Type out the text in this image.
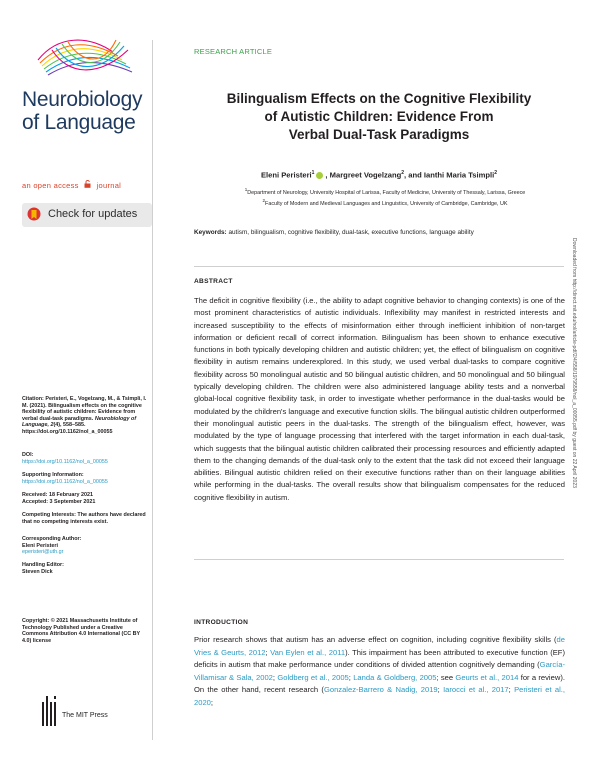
Neurobiology
of Language
an open access journal
Check for updates
Citation: Peristeri, E., Vogelzang, M., & Tsimpli, I. M. (2021). Bilingualism effects on the cognitive flexibility of autistic children: Evidence from verbal dual-task paradigms. Neurobiology of Language, 2(4), 558–585. https://doi.org/10.1162/nol_a_00055
DOI:
https://doi.org/10.1162/nol_a_00055
Supporting Information:
https://doi.org/10.1162/nol_a_00055
Received: 18 February 2021
Accepted: 3 September 2021
Competing Interests: The authors have declared that no competing interests exist.
Corresponding Author:
Eleni Peristeri
eperisteri@uth.gr
Handling Editor:
Steven Dick
Copyright: © 2021 Massachusetts Institute of Technology Published under a Creative Commons Attribution 4.0 International (CC BY 4.0) license
The MIT Press
RESEARCH ARTICLE
Bilingualism Effects on the Cognitive Flexibility
of Autistic Children: Evidence From
Verbal Dual-Task Paradigms
Eleni Peristeri$^1$ , Margreet Vogelzang$^2$, and Ianthi Maria Tsimpli$^2$
$^1$Department of Neurology, University Hospital of Larissa, Faculty of Medicine, University of Thessaly, Larissa, Greece
$^2$Faculty of Modern and Medieval Languages and Linguistics, University of Cambridge, Cambridge, UK
Keywords: autism, bilingualism, cognitive flexibility, dual-task, executive functions, language ability
ABSTRACT
The deficit in cognitive flexibility (i.e., the ability to adapt cognitive behavior to changing contexts) is one of the most prominent characteristics of autistic individuals. Inflexibility may manifest in restricted interests and increased susceptibility to the effects of misinformation either through inefficient inhibition of non-target information or deficient recall of correct information. Bilingualism has been shown to enhance executive functions in both typically developing children and autistic children; yet, the effect of bilingualism on cognitive flexibility in autism remains underexplored. In this study, we used verbal dual-tasks to compare cognitive flexibility across 50 monolingual autistic and 50 bilingual autistic children, and 50 monolingual and 50 bilingual typically developing children. The children were also administered language ability tests and a nonverbal global-local cognitive flexibility task, in order to investigate whether performance in the dual-tasks would be modulated by the children's language and executive function skills. The bilingual autistic children outperformed their monolingual autistic peers in the dual-tasks. The strength of the bilingualism effect, however, was modulated by the type of language processing that interfered with the target information in each dual-task, which suggests that the bilingual autistic children calibrated their processing resources and efficiently adapted them to the changing demands of the dual-task only to the extent that the task did not exceed their language abilities. Bilingual autistic children relied on their executive functions rather than on their language abilities while performing in the dual-tasks. The overall results show that bilingualism compensates for the reduced cognitive flexibility in autism.
INTRODUCTION
Prior research shows that autism has an adverse effect on cognition, including cognitive flexibility skills (de Vries & Geurts, 2012; Van Eylen et al., 2011). This impairment has been attributed to executive function (EF) deficits in autism that make performance under conditions of divided attention cognitively demanding (García-Villamisar & Sala, 2002; Goldberg et al., 2005; Landa & Goldberg, 2005; see Geurts et al., 2014 for a review). On the other hand, recent research (Gonzalez-Barrero & Nadig, 2019; Iarocci et al., 2017; Peristeri et al., 2020;
Downloaded from http://direct.mit.edu/nol/article-pdf/2/4/558/1979558/nol_a_00055.pdf by guest on 22 April 2023
